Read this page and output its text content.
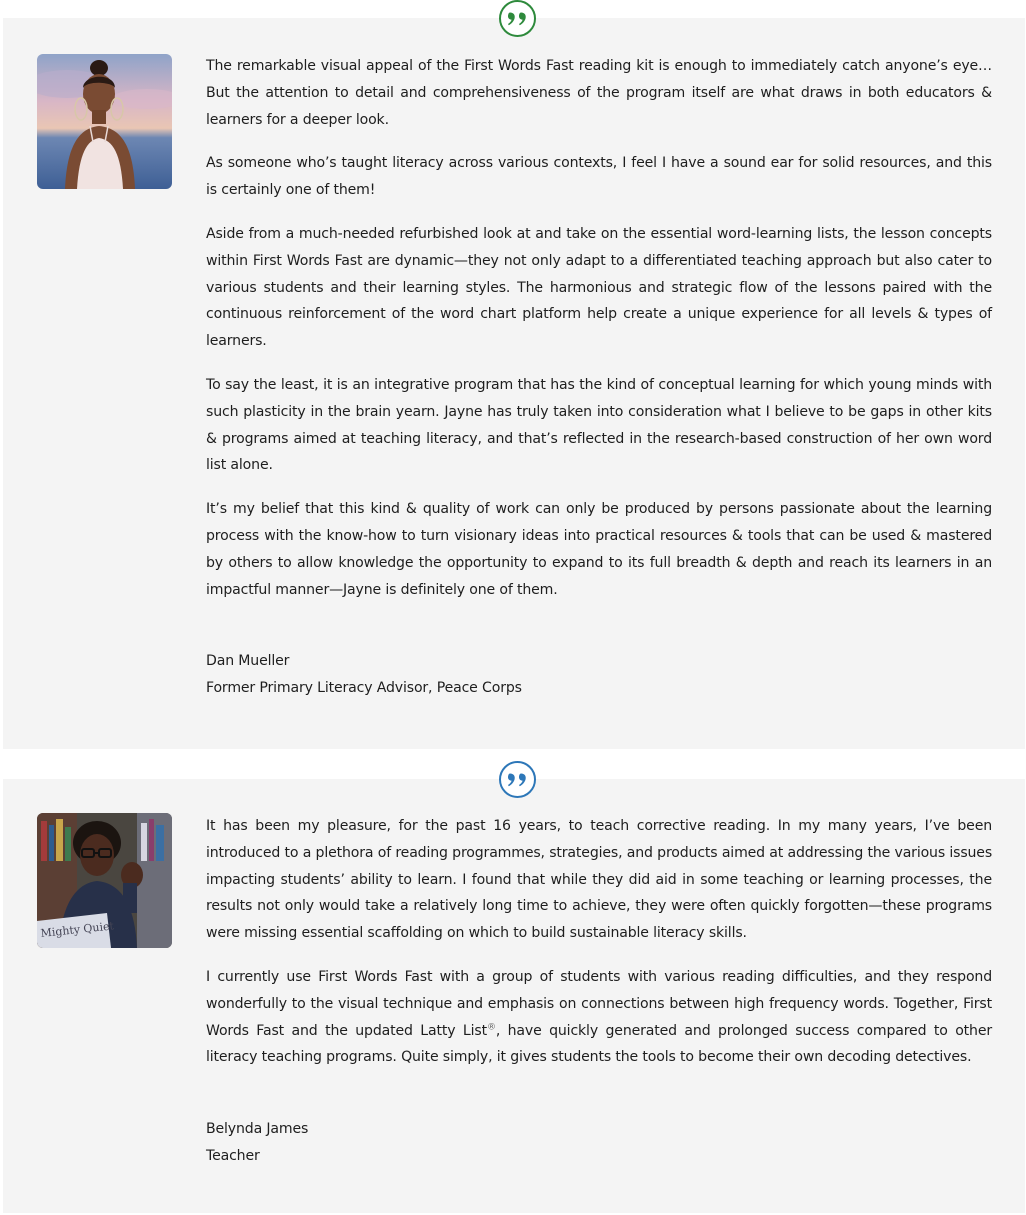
The remarkable visual appeal of the First Words Fast reading kit is enough to immediately catch anyone’s eye… But the attention to detail and comprehensiveness of the program itself are what draws in both educators & learners for a deeper look.

As someone who’s taught literacy across various contexts, I feel I have a sound ear for solid resources, and this is certainly one of them!

Aside from a much-needed refurbished look at and take on the essential word-learning lists, the lesson concepts within First Words Fast are dynamic—they not only adapt to a differentiated teaching approach but also cater to various students and their learning styles. The harmonious and strategic flow of the lessons paired with the continuous reinforcement of the word chart platform help create a unique experience for all levels & types of learners.

To say the least, it is an integrative program that has the kind of conceptual learning for which young minds with such plasticity in the brain yearn. Jayne has truly taken into consideration what I believe to be gaps in other kits & programs aimed at teaching literacy, and that’s reflected in the research-based construction of her own word list alone.

It’s my belief that this kind & quality of work can only be produced by persons passionate about the learning process with the know-how to turn visionary ideas into practical resources & tools that can be used & mastered by others to allow knowledge the opportunity to expand to its full breadth & depth and reach its learners in an impactful manner—Jayne is definitely one of them.

Dan Mueller
Former Primary Literacy Advisor, Peace Corps
Mighty Quiet

It has been my pleasure, for the past 16 years, to teach corrective reading. In my many years, I’ve been introduced to a plethora of reading programmes, strategies, and products aimed at addressing the various issues impacting students’ ability to learn. I found that while they did aid in some teaching or learning processes, the results not only would take a relatively long time to achieve, they were often quickly forgotten—these programs were missing essential scaffolding on which to build sustainable literacy skills.

I currently use First Words Fast with a group of students with various reading difficulties, and they respond wonderfully to the visual technique and emphasis on connections between high frequency words. Together, First Words Fast and the updated Latty List®, have quickly generated and prolonged success compared to other literacy teaching programs. Quite simply, it gives students the tools to become their own decoding detectives.

Belynda James
Teacher
